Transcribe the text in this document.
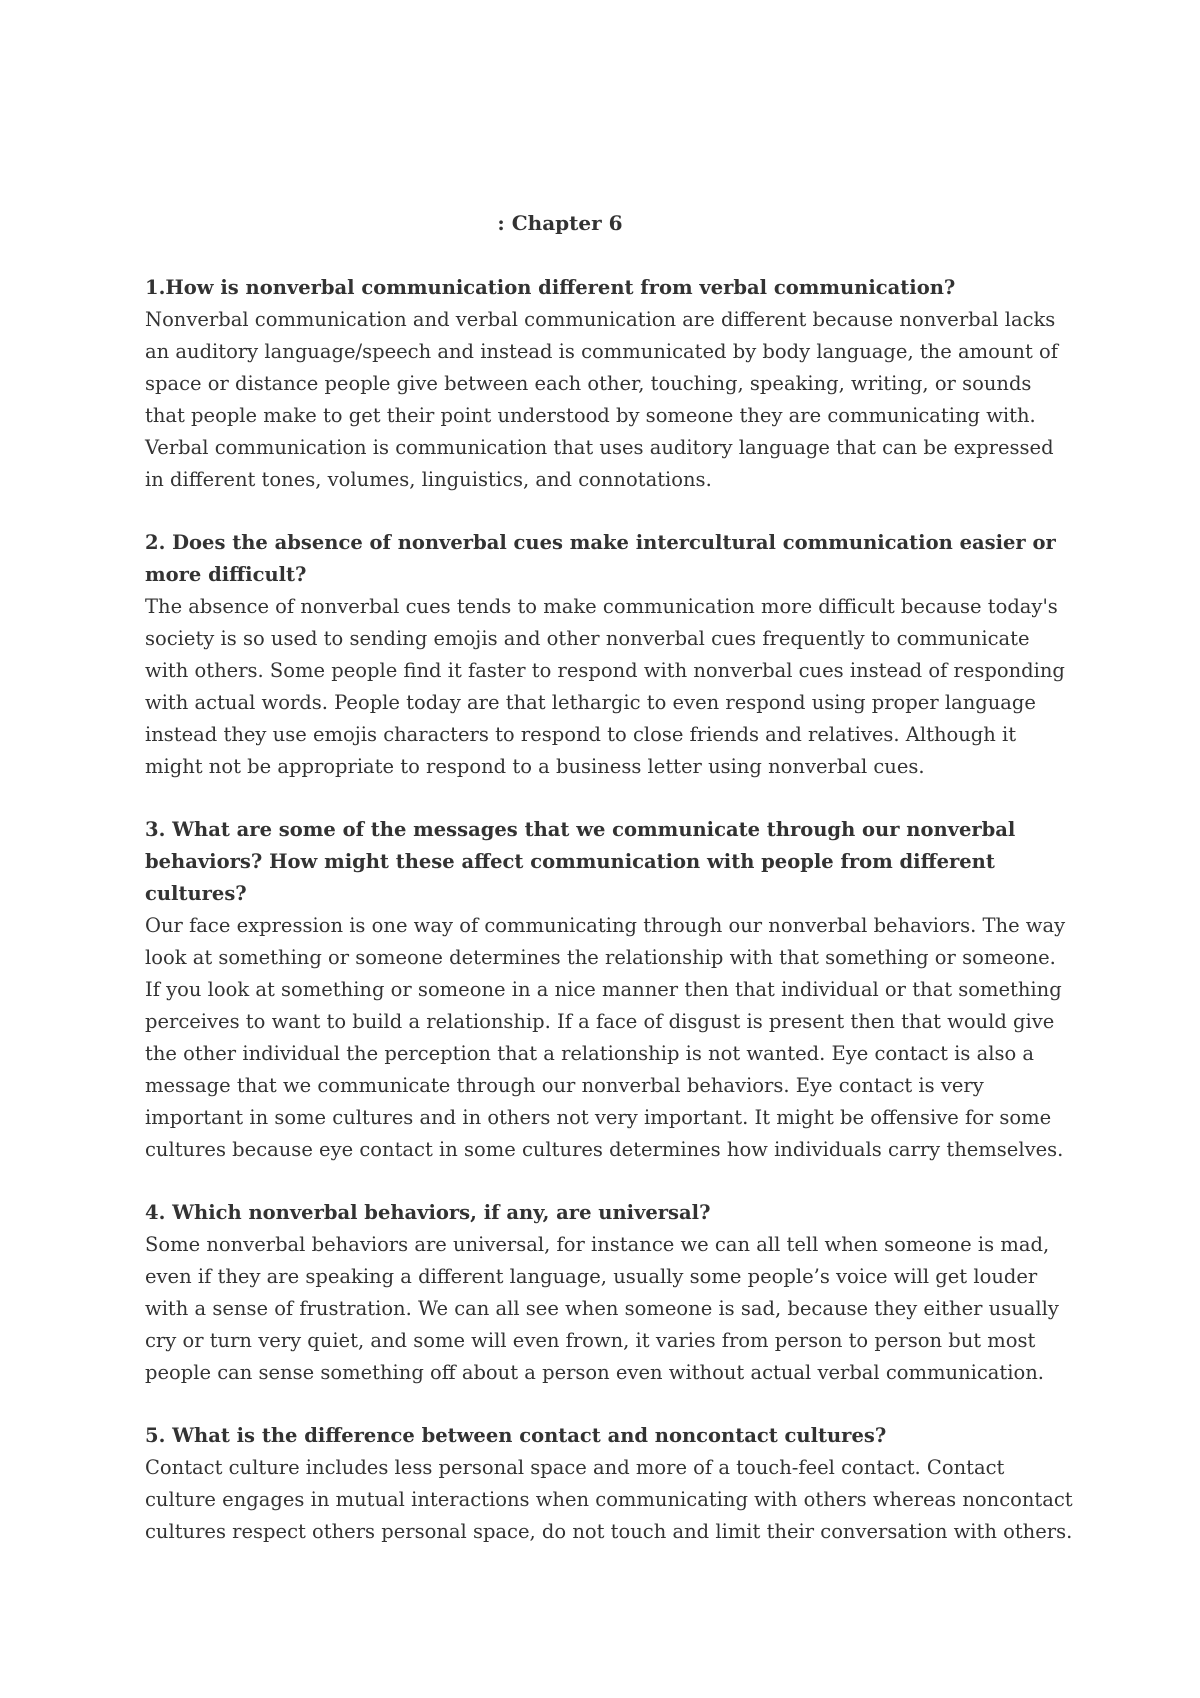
: Chapter 6

1.How is nonverbal communication different from verbal communication?

Nonverbal communication and verbal communication are different because nonverbal lacks an auditory language/speech and instead is communicated by body language, the amount of space or distance people give between each other, touching, speaking, writing, or sounds that people make to get their point understood by someone they are communicating with. Verbal communication is communication that uses auditory language that can be expressed in different tones, volumes, linguistics, and connotations.

2. Does the absence of nonverbal cues make intercultural communication easier or more difficult?

The absence of nonverbal cues tends to make communication more difficult because today's society is so used to sending emojis and other nonverbal cues frequently to communicate with others. Some people find it faster to respond with nonverbal cues instead of responding with actual words. People today are that lethargic to even respond using proper language instead they use emojis characters to respond to close friends and relatives. Although it might not be appropriate to respond to a business letter using nonverbal cues.

3. What are some of the messages that we communicate through our nonverbal behaviors? How might these affect communication with people from different cultures?

Our face expression is one way of communicating through our nonverbal behaviors. The way look at something or someone determines the relationship with that something or someone. If you look at something or someone in a nice manner then that individual or that something perceives to want to build a relationship. If a face of disgust is present then that would give the other individual the perception that a relationship is not wanted. Eye contact is also a message that we communicate through our nonverbal behaviors. Eye contact is very important in some cultures and in others not very important. It might be offensive for some cultures because eye contact in some cultures determines how individuals carry themselves.

4. Which nonverbal behaviors, if any, are universal?

Some nonverbal behaviors are universal, for instance we can all tell when someone is mad, even if they are speaking a different language, usually some people’s voice will get louder with a sense of frustration. We can all see when someone is sad, because they either usually cry or turn very quiet, and some will even frown, it varies from person to person but most people can sense something off about a person even without actual verbal communication.

5. What is the difference between contact and noncontact cultures?

Contact culture includes less personal space and more of a touch-feel contact. Contact culture engages in mutual interactions when communicating with others whereas noncontact cultures respect others personal space, do not touch and limit their conversation with others.
